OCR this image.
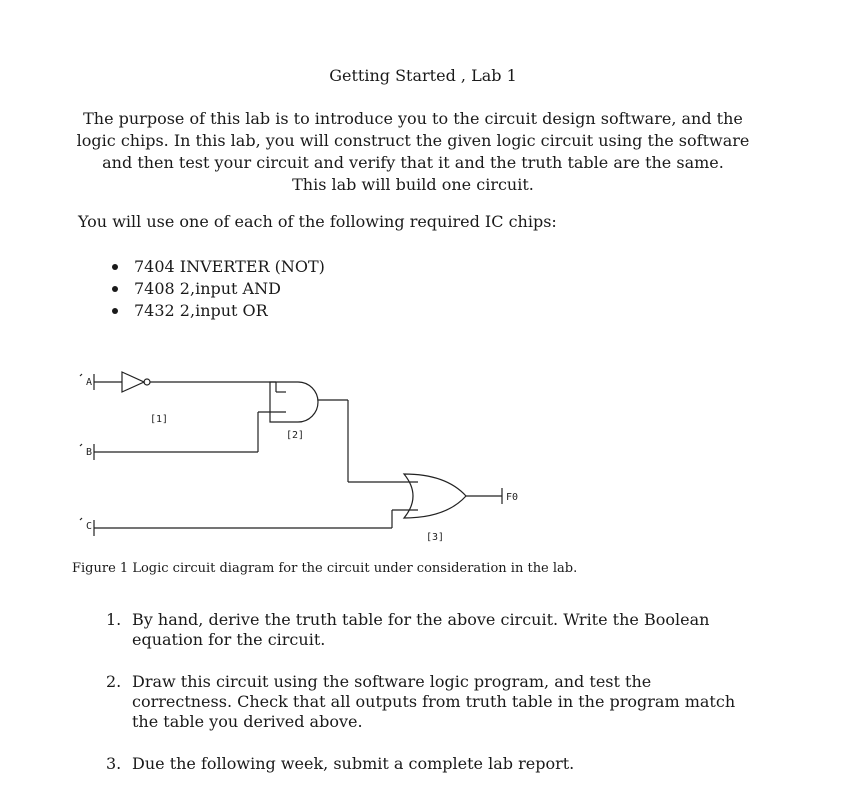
Getting Started , Lab 1
The purpose of this lab is to introduce you to the circuit design software, and the
logic chips. In this lab, you will construct the given logic circuit using the software
and then test your circuit and verify that it and the truth table are the same.
This lab will build one circuit.
You will use one of each of the following required IC chips:
7404 INVERTER (NOT)
7408 2,input AND
7432 2,input OR
A
B
C
[1]
[2]
[3]
F0
Figure 1 Logic circuit diagram for the circuit under consideration in the lab.
1. By hand, derive the truth table for the above circuit. Write the Boolean equation for the circuit.
2. Draw this circuit using the software logic program, and test the correctness. Check that all outputs from truth table in the program match the table you derived above.
3. Due the following week, submit a complete lab report.
